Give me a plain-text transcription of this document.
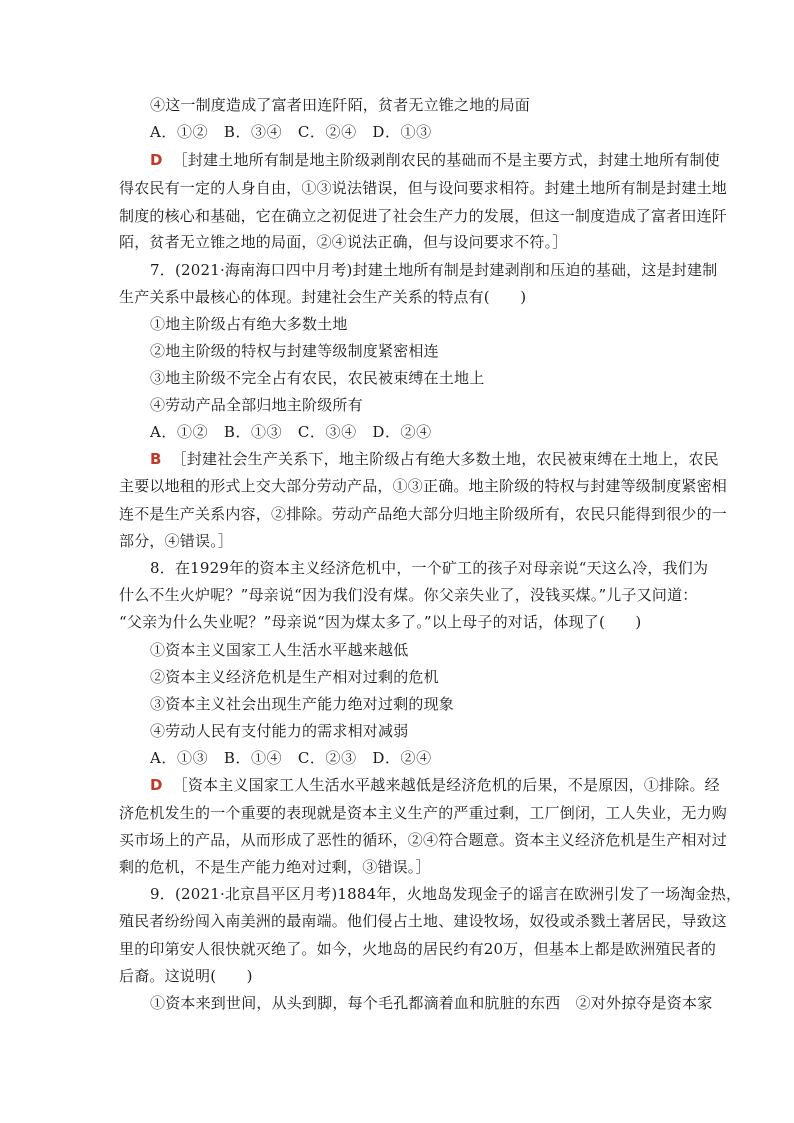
④这一制度造成了富者田连阡陌，贫者无立锥之地的局面
A．①②　B．③④　C．②④　D．①③
D ［封建土地所有制是地主阶级剥削农民的基础而不是主要方式，封建土地所有制使
得农民有一定的人身自由，①③说法错误，但与设问要求相符。封建土地所有制是封建土地
制度的核心和基础，它在确立之初促进了社会生产力的发展，但这一制度造成了富者田连阡
陌，贫者无立锥之地的局面，②④说法正确，但与设问要求不符。］
7．(2021·海南海口四中月考)封建土地所有制是封建剥削和压迫的基础，这是封建制
生产关系中最核心的体现。封建社会生产关系的特点有(　　)
①地主阶级占有绝大多数土地
②地主阶级的特权与封建等级制度紧密相连
③地主阶级不完全占有农民，农民被束缚在土地上
④劳动产品全部归地主阶级所有
A．①②　B．①③　C．③④　D．②④
B ［封建社会生产关系下，地主阶级占有绝大多数土地，农民被束缚在土地上，农民
主要以地租的形式上交大部分劳动产品，①③正确。地主阶级的特权与封建等级制度紧密相
连不是生产关系内容，②排除。劳动产品绝大部分归地主阶级所有，农民只能得到很少的一
部分，④错误。］
8．在1929年的资本主义经济危机中，一个矿工的孩子对母亲说“天这么冷，我们为
什么不生火炉呢？”母亲说“因为我们没有煤。你父亲失业了，没钱买煤。”儿子又问道：
“父亲为什么失业呢？”母亲说“因为煤太多了。”以上母子的对话，体现了(　　)
①资本主义国家工人生活水平越来越低
②资本主义经济危机是生产相对过剩的危机
③资本主义社会出现生产能力绝对过剩的现象
④劳动人民有支付能力的需求相对减弱
A．①③　B．①④　C．②③　D．②④
D ［资本主义国家工人生活水平越来越低是经济危机的后果，不是原因，①排除。经
济危机发生的一个重要的表现就是资本主义生产的严重过剩，工厂倒闭，工人失业，无力购
买市场上的产品，从而形成了恶性的循环，②④符合题意。资本主义经济危机是生产相对过
剩的危机，不是生产能力绝对过剩，③错误。］
9．(2021·北京昌平区月考)1884年，火地岛发现金子的谣言在欧洲引发了一场淘金热，
殖民者纷纷闯入南美洲的最南端。他们侵占土地、建设牧场，奴役或杀戮土著居民，导致这
里的印第安人很快就灭绝了。如今，火地岛的居民约有20万，但基本上都是欧洲殖民者的
后裔。这说明(　　)
①资本来到世间，从头到脚，每个毛孔都滴着血和肮脏的东西　②对外掠夺是资本家
